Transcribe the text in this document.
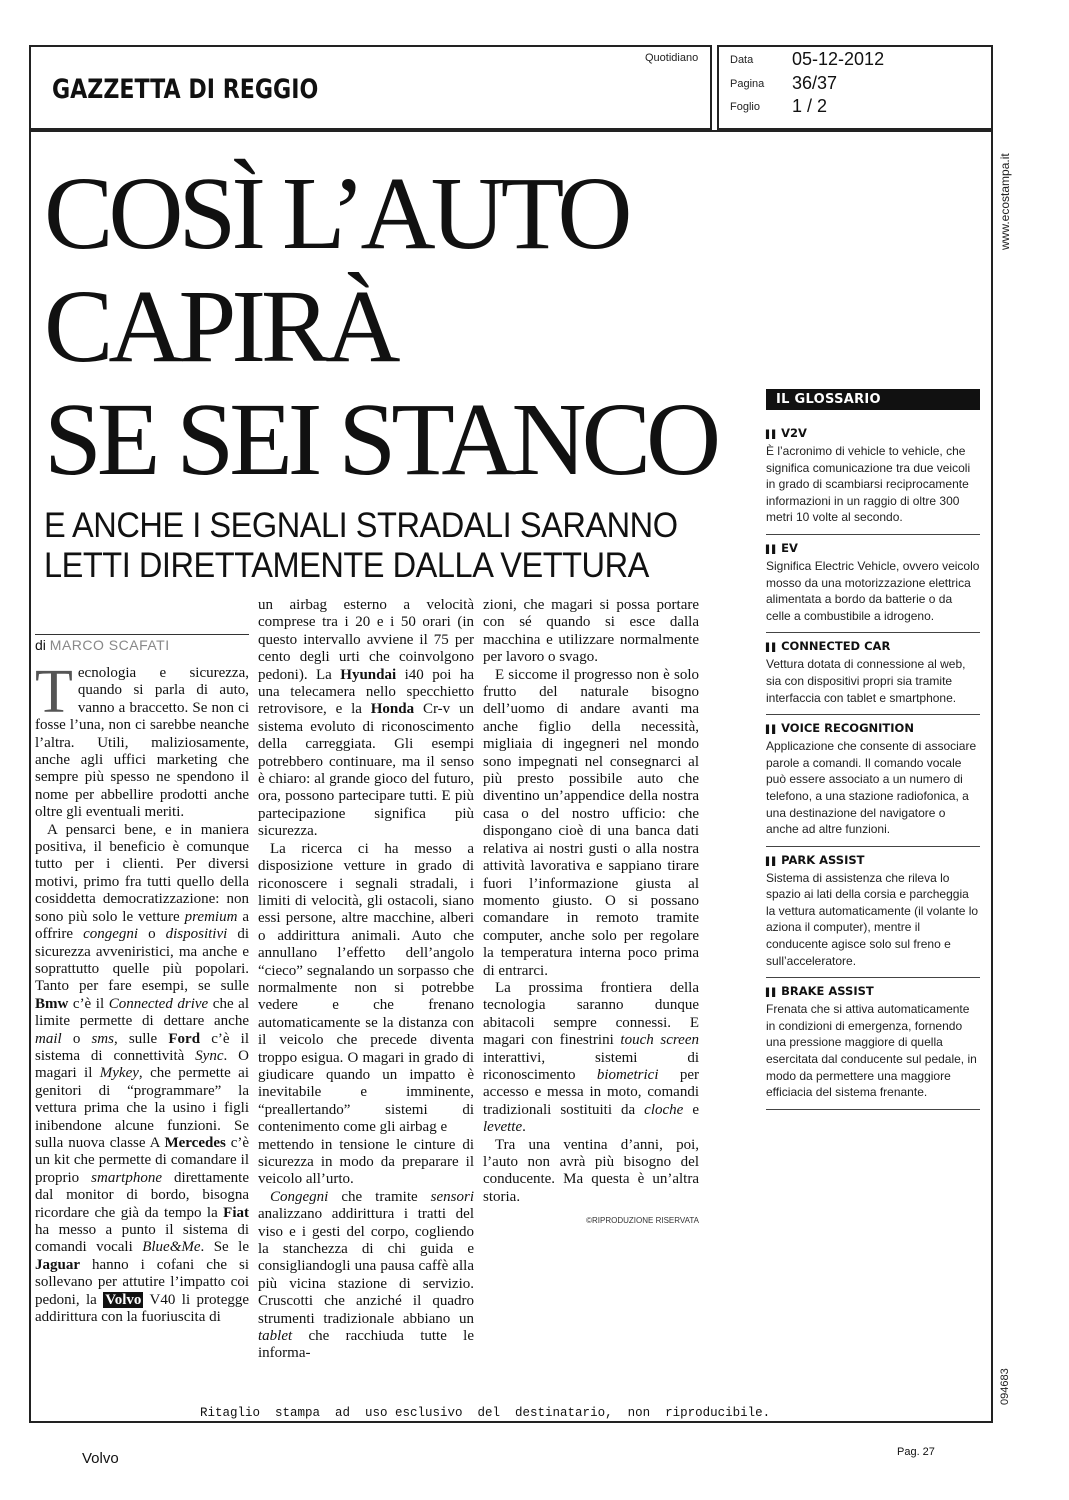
GAZZETTA DI REGGIO
Quotidiano	Data 05-12-2012
Pagina 36/37
Foglio 1 / 2
www.ecostampa.it
094683
COSÌ L’AUTO
CAPIRÀ
SE SEI STANCO
E ANCHE I SEGNALI STRADALI SARANNO
LETTI DIRETTAMENTE DALLA VETTURA
di MARCO SCAFATI

Tecnologia e sicurezza, quando si parla di auto, vanno a braccetto. Se non ci fosse l’una, non ci sarebbe neanche l’altra. Utili, maliziosamente, anche agli uffici marketing che sempre più spesso ne spendono il nome per abbellire prodotti anche oltre gli eventuali meriti.

A pensarci bene, e in maniera positiva, il beneficio è comunque tutto per i clienti. Per diversi motivi, primo fra tutti quello della cosiddetta democratizzazione: non sono più solo le vetture premium a offrire congegni o dispositivi di sicurezza avveniristici, ma anche e soprattutto quelle più popolari. Tanto per fare esempi, se sulle Bmw c’è il Connected drive che al limite permette di dettare anche mail o sms, sulle Ford c’è il sistema di connettività Sync. O magari il Mykey, che permette ai genitori di “programmare” la vettura prima che la usino i figli inibendone alcune funzioni. Se sulla nuova classe A Mercedes c’è un kit che permette di comandare il proprio smartphone direttamente dal monitor di bordo, bisogna ricordare che già da tempo la Fiat ha messo a punto il sistema di comandi vocali Blue&Me. Se le Jaguar hanno i cofani che si sollevano per attutire l’impatto coi pedoni, la Volvo V40 li protegge addirittura con la fuoriuscita di

un airbag esterno a velocità comprese tra i 20 e i 50 orari (in questo intervallo avviene il 75 per cento degli urti che coinvolgono pedoni). La Hyundai i40 poi ha una telecamera nello specchietto retrovisore, e la Honda Cr-v un sistema evoluto di riconoscimento della carreggiata. Gli esempi potrebbero continuare, ma il senso è chiaro: al grande gioco del futuro, ora, possono partecipare tutti. E più partecipazione significa più sicurezza.

La ricerca ci ha messo a disposizione vetture in grado di riconoscere i segnali stradali, i limiti di velocità, gli ostacoli, siano essi persone, altre macchine, alberi o addirittura animali. Auto che annullano l’effetto dell’angolo “cieco” segnalando un sorpasso che normalmente non si potrebbe vedere e che frenano automaticamente se la distanza con il veicolo che precede diventa troppo esigua. O magari in grado di giudicare quando un impatto è inevitabile e imminente, “preallertando” sistemi di contenimento come gli airbag e

mettendo in tensione le cinture di sicurezza in modo da preparare il veicolo all’urto.

Congegni che tramite sensori analizzano addirittura i tratti del viso e i gesti del corpo, cogliendo la stanchezza di chi guida e consigliandogli una pausa caffè alla più vicina stazione di servizio. Cruscotti che anziché il quadro strumenti tradizionale abbiano un tablet che racchiuda tutte le informa-

zioni, che magari si possa portare con sé quando si esce dalla macchina e utilizzare normalmente per lavoro o svago.

E siccome il progresso non è solo frutto del naturale bisogno dell’uomo di andare avanti ma anche figlio della necessità, migliaia di ingegneri nel mondo sono impegnati nel consegnarci al più presto possibile auto che diventino un’appendice della nostra casa o del nostro ufficio: che dispongano cioè di una banca dati relativa ai nostri gusti o alla nostra attività lavorativa e sappiano tirare fuori l’informazione giusta al momento giusto. O si possano comandare in remoto tramite computer, anche solo per regolare la temperatura interna poco prima di entrarci.

La prossima frontiera della tecnologia saranno dunque abitacoli sempre connessi. E magari con finestrini touch screen interattivi, sistemi di riconoscimento biometrici per accesso e messa in moto, comandi tradizionali sostituiti da cloche e levette.

Tra una ventina d’anni, poi, l’auto non avrà più bisogno del conducente. Ma questa è un’altra storia.

©RIPRODUZIONE RISERVATA
IL GLOSSARIO
▌▌ V2V
È l’acronimo di vehicle to vehicle, che significa comunicazione tra due veicoli in grado di scambiarsi reciprocamente informazioni in un raggio di oltre 300 metri 10 volte al secondo.
▌▌ EV
Significa Electric Vehicle, ovvero veicolo mosso da una motorizzazione elettrica alimentata a bordo da batterie o da celle a combustibile a idrogeno.
▌▌ CONNECTED CAR
Vettura dotata di connessione al web, sia con dispositivi propri sia tramite interfaccia con tablet e smartphone.
▌▌ VOICE RECOGNITION
Applicazione che consente di associare parole a comandi. Il comando vocale può essere associato a un numero di telefono, a una stazione radiofonica, a una destinazione del navigatore o anche ad altre funzioni.
▌▌ PARK ASSIST
Sistema di assistenza che rileva lo spazio ai lati della corsia e parcheggia la vettura automaticamente (il volante lo aziona il computer), mentre il conducente agisce solo sul freno e sull’acceleratore.
▌▌ BRAKE ASSIST
Frenata che si attiva automaticamente in condizioni di emergenza, fornendo una pressione maggiore di quella esercitata dal conducente sul pedale, in modo da permettere una maggiore efficiacia del sistema frenante.
Ritaglio  stampa  ad  uso esclusivo  del  destinatario,  non  riproducibile.
Volvo	Pag. 27
